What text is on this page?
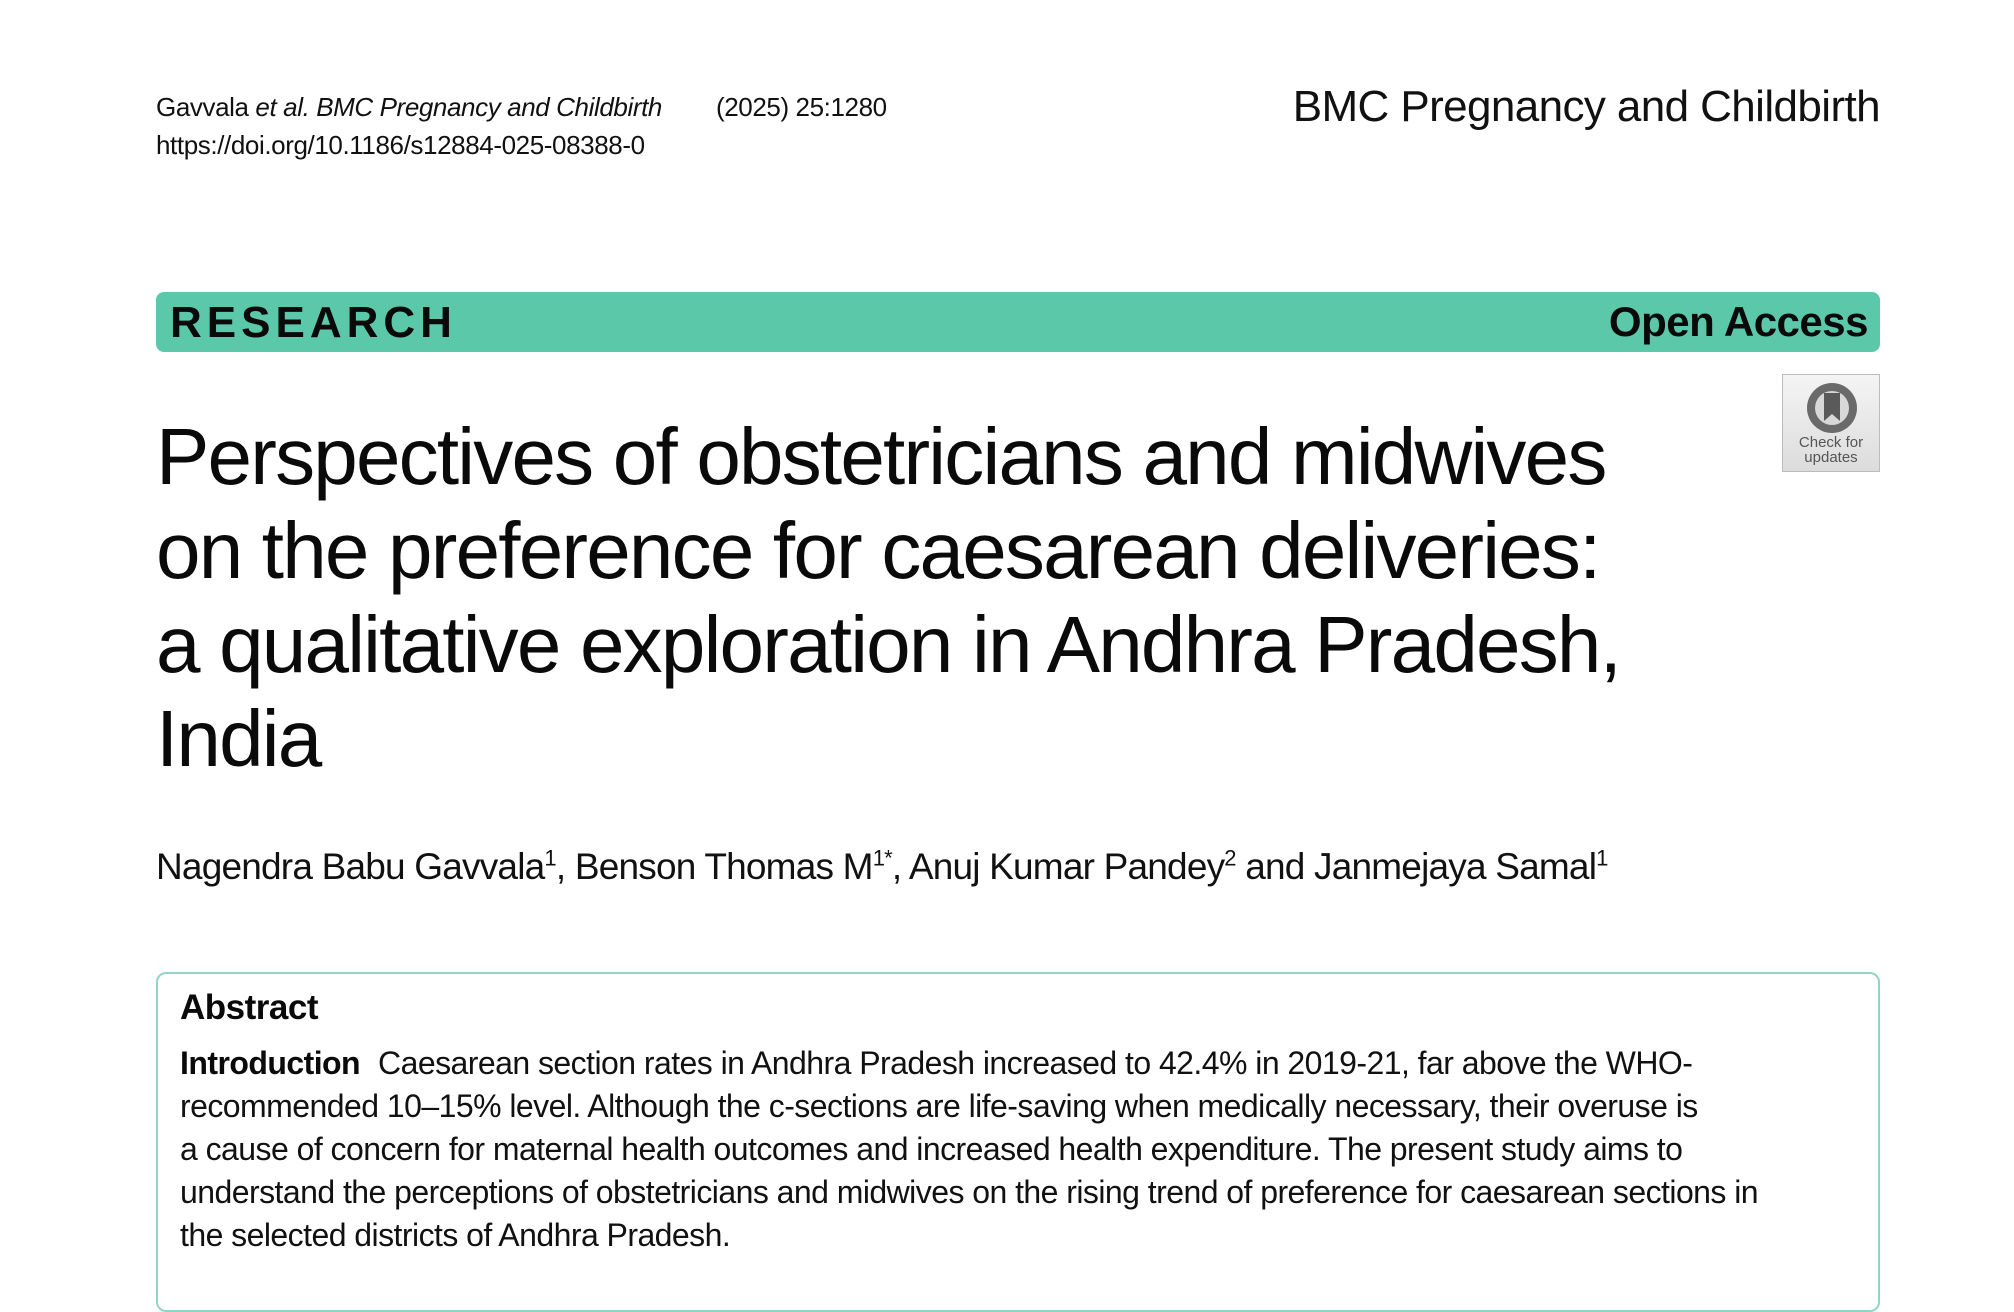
Gavvala et al. BMC Pregnancy and Childbirth (2025) 25:1280
https://doi.org/10.1186/s12884-025-08388-0
BMC Pregnancy and Childbirth
RESEARCH	Open Access
Check for
updates
Perspectives of obstetricians and midwives
on the preference for caesarean deliveries:
a qualitative exploration in Andhra Pradesh,
India
Nagendra Babu Gavvala$^1$, Benson Thomas $M^{1*}$, Anuj Kumar Pandey$^2$ and Janmejaya Samal$^1$
Abstract

Introduction Caesarean section rates in Andhra Pradesh increased to 42.4% in 2019-21, far above the WHO-
recommended 10–15% level. Although the c-sections are life-saving when medically necessary, their overuse is
a cause of concern for maternal health outcomes and increased health expenditure. The present study aims to
understand the perceptions of obstetricians and midwives on the rising trend of preference for caesarean sections in
the selected districts of Andhra Pradesh.
